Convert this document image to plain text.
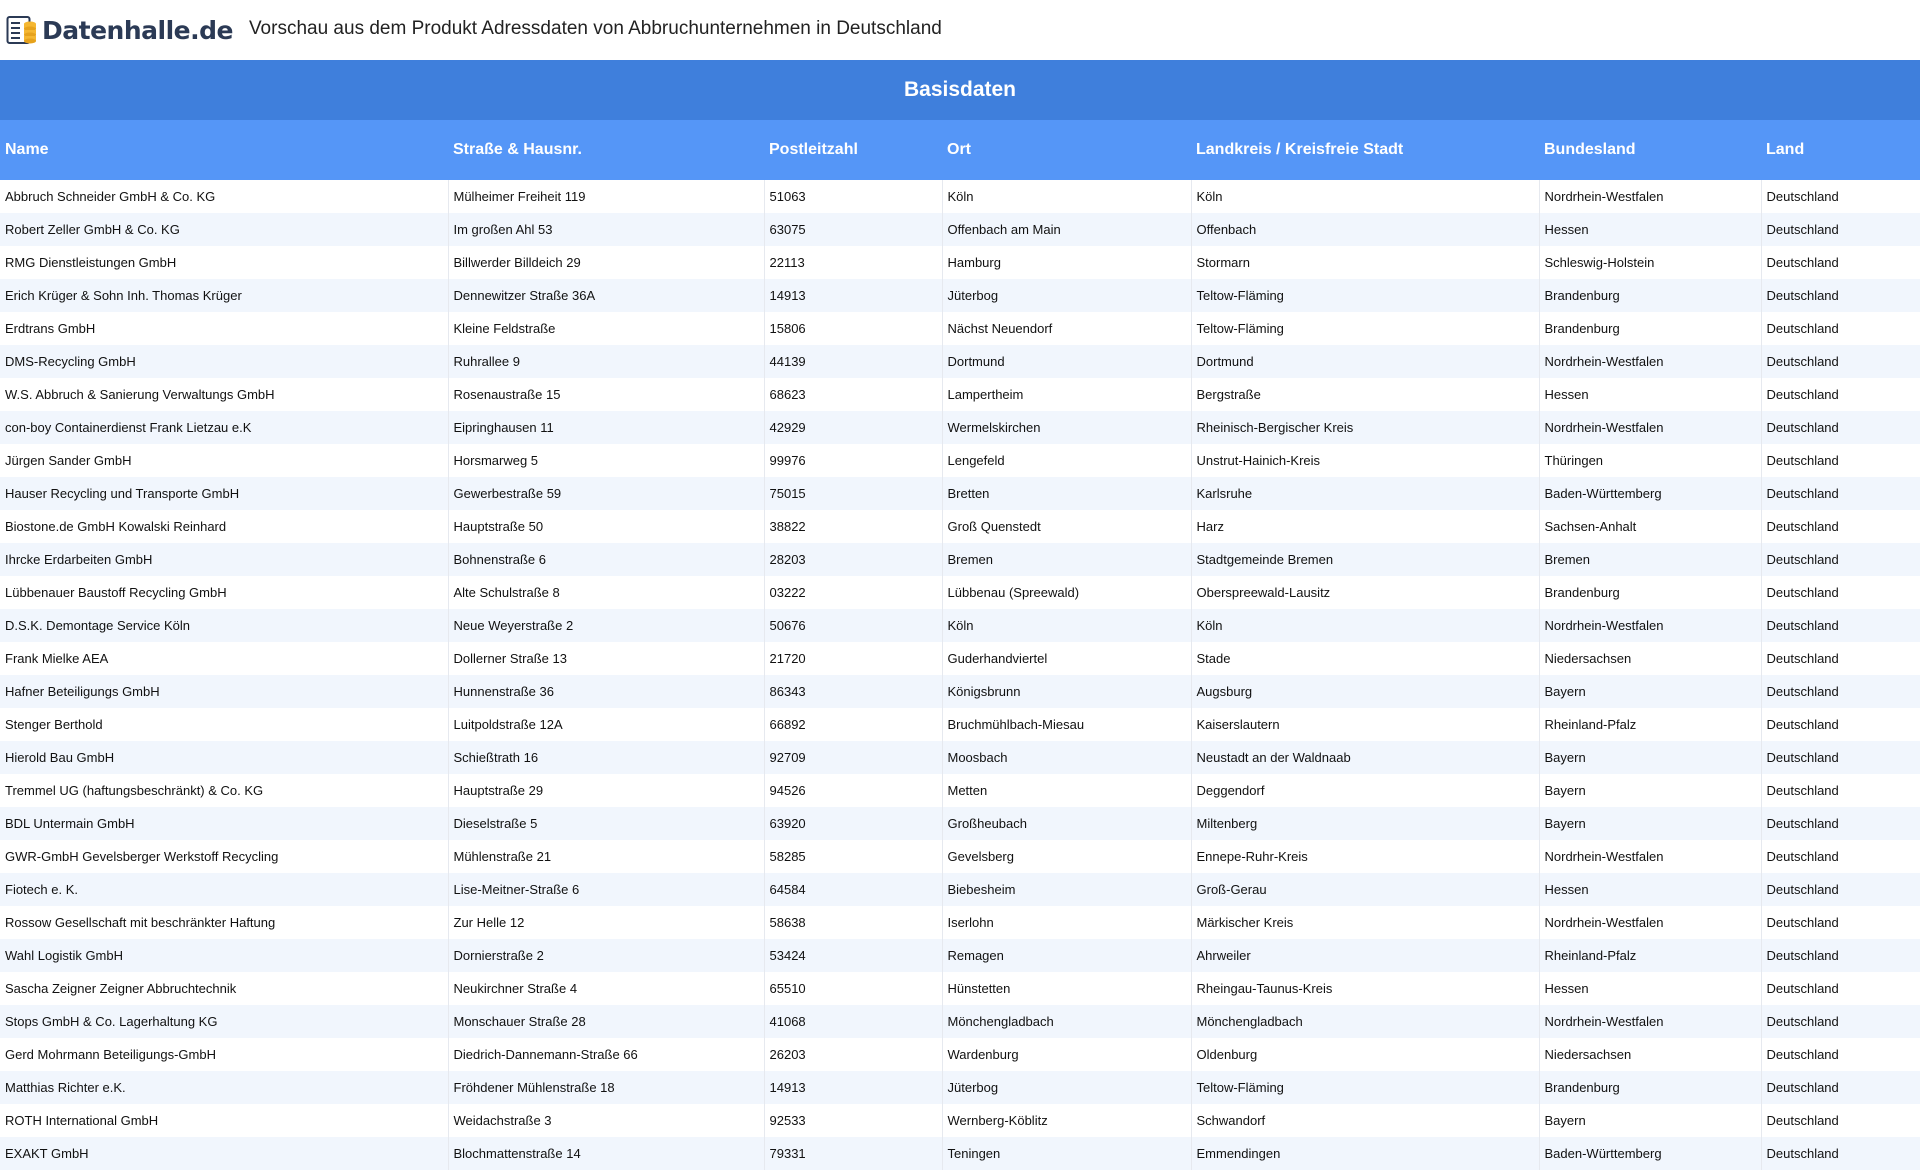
Datenhalle.de Vorschau aus dem Produkt Adressdaten von Abbruchunternehmen in Deutschland
Basisdaten
Name	Straße & Hausnr.	Postleitzahl	Ort	Landkreis / Kreisfreie Stadt	Bundesland	Land
Abbruch Schneider GmbH & Co. KG	Mülheimer Freiheit 119	51063	Köln	Köln	Nordrhein-Westfalen	Deutschland
Robert Zeller GmbH & Co. KG	Im großen Ahl 53	63075	Offenbach am Main	Offenbach	Hessen	Deutschland
RMG Dienstleistungen GmbH	Billwerder Billdeich 29	22113	Hamburg	Stormarn	Schleswig-Holstein	Deutschland
Erich Krüger & Sohn Inh. Thomas Krüger	Dennewitzer Straße 36A	14913	Jüterbog	Teltow-Fläming	Brandenburg	Deutschland
Erdtrans GmbH	Kleine Feldstraße	15806	Nächst Neuendorf	Teltow-Fläming	Brandenburg	Deutschland
DMS-Recycling GmbH	Ruhrallee 9	44139	Dortmund	Dortmund	Nordrhein-Westfalen	Deutschland
W.S. Abbruch & Sanierung Verwaltungs GmbH	Rosenaustraße 15	68623	Lampertheim	Bergstraße	Hessen	Deutschland
con-boy Containerdienst Frank Lietzau e.K	Eipringhausen 11	42929	Wermelskirchen	Rheinisch-Bergischer Kreis	Nordrhein-Westfalen	Deutschland
Jürgen Sander GmbH	Horsmarweg 5	99976	Lengefeld	Unstrut-Hainich-Kreis	Thüringen	Deutschland
Hauser Recycling und Transporte GmbH	Gewerbestraße 59	75015	Bretten	Karlsruhe	Baden-Württemberg	Deutschland
Biostone.de GmbH Kowalski Reinhard	Hauptstraße 50	38822	Groß Quenstedt	Harz	Sachsen-Anhalt	Deutschland
Ihrcke Erdarbeiten GmbH	Bohnenstraße 6	28203	Bremen	Stadtgemeinde Bremen	Bremen	Deutschland
Lübbenauer Baustoff Recycling GmbH	Alte Schulstraße 8	03222	Lübbenau (Spreewald)	Oberspreewald-Lausitz	Brandenburg	Deutschland
D.S.K. Demontage Service Köln	Neue Weyerstraße 2	50676	Köln	Köln	Nordrhein-Westfalen	Deutschland
Frank Mielke AEA	Dollerner Straße 13	21720	Guderhandviertel	Stade	Niedersachsen	Deutschland
Hafner Beteiligungs GmbH	Hunnenstraße 36	86343	Königsbrunn	Augsburg	Bayern	Deutschland
Stenger Berthold	Luitpoldstraße 12A	66892	Bruchmühlbach-Miesau	Kaiserslautern	Rheinland-Pfalz	Deutschland
Hierold Bau GmbH	Schießtrath 16	92709	Moosbach	Neustadt an der Waldnaab	Bayern	Deutschland
Tremmel UG (haftungsbeschränkt) & Co. KG	Hauptstraße 29	94526	Metten	Deggendorf	Bayern	Deutschland
BDL Untermain GmbH	Dieselstraße 5	63920	Großheubach	Miltenberg	Bayern	Deutschland
GWR-GmbH Gevelsberger Werkstoff Recycling	Mühlenstraße 21	58285	Gevelsberg	Ennepe-Ruhr-Kreis	Nordrhein-Westfalen	Deutschland
Fiotech e. K.	Lise-Meitner-Straße 6	64584	Biebesheim	Groß-Gerau	Hessen	Deutschland
Rossow Gesellschaft mit beschränkter Haftung	Zur Helle 12	58638	Iserlohn	Märkischer Kreis	Nordrhein-Westfalen	Deutschland
Wahl Logistik GmbH	Dornierstraße 2	53424	Remagen	Ahrweiler	Rheinland-Pfalz	Deutschland
Sascha Zeigner Zeigner Abbruchtechnik	Neukirchner Straße 4	65510	Hünstetten	Rheingau-Taunus-Kreis	Hessen	Deutschland
Stops GmbH & Co. Lagerhaltung KG	Monschauer Straße 28	41068	Mönchengladbach	Mönchengladbach	Nordrhein-Westfalen	Deutschland
Gerd Mohrmann Beteiligungs-GmbH	Diedrich-Dannemann-Straße 66	26203	Wardenburg	Oldenburg	Niedersachsen	Deutschland
Matthias Richter e.K.	Fröhdener Mühlenstraße 18	14913	Jüterbog	Teltow-Fläming	Brandenburg	Deutschland
ROTH International GmbH	Weidachstraße 3	92533	Wernberg-Köblitz	Schwandorf	Bayern	Deutschland
EXAKT GmbH	Blochmattenstraße 14	79331	Teningen	Emmendingen	Baden-Württemberg	Deutschland
